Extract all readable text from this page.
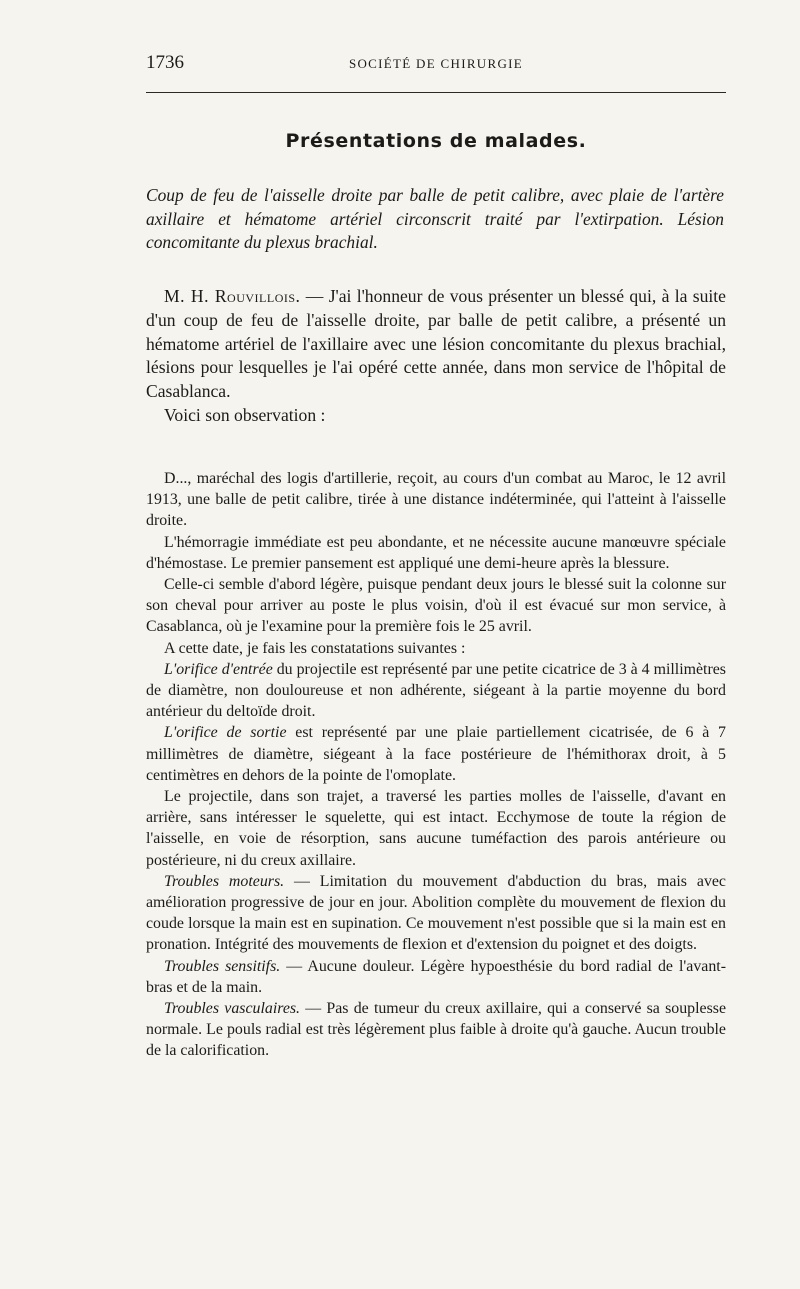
1736	SOCIÉTÉ DE CHIRURGIE
Présentations de malades.

Coup de feu de l'aisselle droite par balle de petit calibre, avec plaie de l'artère axillaire et hématome artériel circonscrit traité par l'extirpation. Lésion concomitante du plexus brachial.

M. H. Rouvillois. — J'ai l'honneur de vous présenter un blessé qui, à la suite d'un coup de feu de l'aisselle droite, par balle de petit calibre, a présenté un hématome artériel de l'axillaire avec une lésion concomitante du plexus brachial, lésions pour lesquelles je l'ai opéré cette année, dans mon service de l'hôpital de Casablanca.

Voici son observation :

D..., maréchal des logis d'artillerie, reçoit, au cours d'un combat au Maroc, le 12 avril 1913, une balle de petit calibre, tirée à une distance indéterminée, qui l'atteint à l'aisselle droite.

L'hémorragie immédiate est peu abondante, et ne nécessite aucune manœuvre spéciale d'hémostase. Le premier pansement est appliqué une demi-heure après la blessure.

Celle-ci semble d'abord légère, puisque pendant deux jours le blessé suit la colonne sur son cheval pour arriver au poste le plus voisin, d'où il est évacué sur mon service, à Casablanca, où je l'examine pour la première fois le 25 avril.

A cette date, je fais les constatations suivantes :

L'orifice d'entrée du projectile est représenté par une petite cicatrice de 3 à 4 millimètres de diamètre, non douloureuse et non adhérente, siégeant à la partie moyenne du bord antérieur du deltoïde droit.

L'orifice de sortie est représenté par une plaie partiellement cicatrisée, de 6 à 7 millimètres de diamètre, siégeant à la face postérieure de l'hémithorax droit, à 5 centimètres en dehors de la pointe de l'omoplate.

Le projectile, dans son trajet, a traversé les parties molles de l'aisselle, d'avant en arrière, sans intéresser le squelette, qui est intact. Ecchymose de toute la région de l'aisselle, en voie de résorption, sans aucune tuméfaction des parois antérieure ou postérieure, ni du creux axillaire.

Troubles moteurs. — Limitation du mouvement d'abduction du bras, mais avec amélioration progressive de jour en jour. Abolition complète du mouvement de flexion du coude lorsque la main est en supination. Ce mouvement n'est possible que si la main est en pronation. Intégrité des mouvements de flexion et d'extension du poignet et des doigts.

Troubles sensitifs. — Aucune douleur. Légère hypoesthésie du bord radial de l'avant-bras et de la main.

Troubles vasculaires. — Pas de tumeur du creux axillaire, qui a conservé sa souplesse normale. Le pouls radial est très légèrement plus faible à droite qu'à gauche. Aucun trouble de la calorification.
